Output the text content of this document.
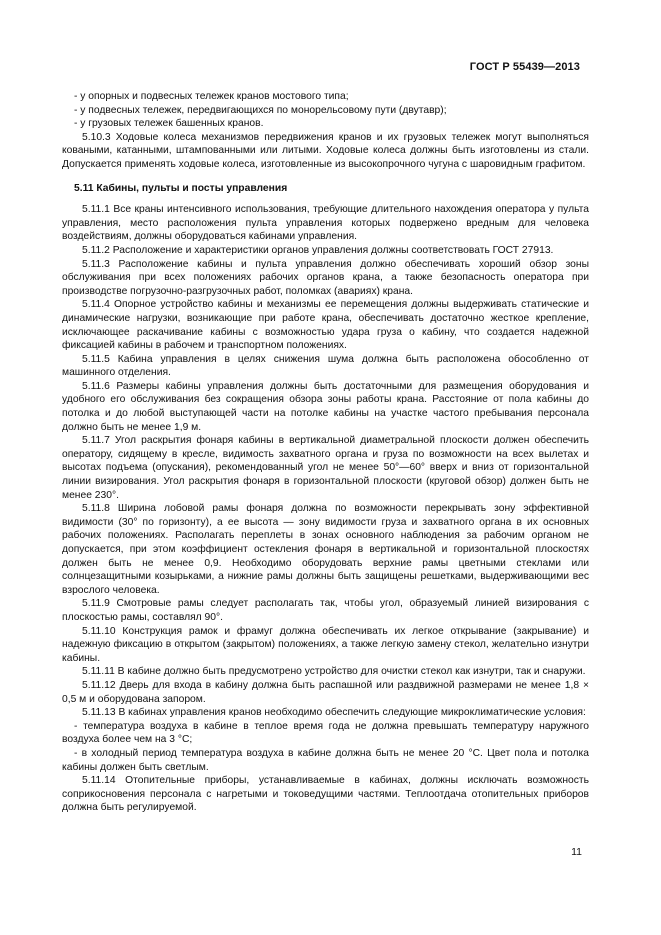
ГОСТ Р 55439—2013

- у опорных и подвесных тележек кранов мостового типа;

- у подвесных тележек, передвигающихся по монорельсовому пути (двутавр);

- у грузовых тележек башенных кранов.

5.10.3 Ходовые колеса механизмов передвижения кранов и их грузовых тележек могут выполняться коваными, катанными, штампованными или литыми. Ходовые колеса должны быть изготовлены из стали. Допускается применять ходовые колеса, изготовленные из высокопрочного чугуна с шаровидным графитом.

5.11 Кабины, пульты и посты управления

5.11.1 Все краны интенсивного использования, требующие длительного нахождения оператора у пульта управления, место расположения пульта управления которых подвержено вредным для человека воздействиям, должны оборудоваться кабинами управления.

5.11.2 Расположение и характеристики органов управления должны соответствовать ГОСТ 27913.

5.11.3 Расположение кабины и пульта управления должно обеспечивать хороший обзор зоны обслуживания при всех положениях рабочих органов крана, а также безопасность оператора при производстве погрузочно-разгрузочных работ, поломках (авариях) крана.

5.11.4 Опорное устройство кабины и механизмы ее перемещения должны выдерживать статические и динамические нагрузки, возникающие при работе крана, обеспечивать достаточно жесткое крепление, исключающее раскачивание кабины с возможностью удара груза о кабину, что создается надежной фиксацией кабины в рабочем и транспортном положениях.

5.11.5 Кабина управления в целях снижения шума должна быть расположена обособленно от машинного отделения.

5.11.6 Размеры кабины управления должны быть достаточными для размещения оборудования и удобного его обслуживания без сокращения обзора зоны работы крана. Расстояние от пола кабины до потолка и до любой выступающей части на потолке кабины на участке частого пребывания персонала должно быть не менее 1,9 м.

5.11.7 Угол раскрытия фонаря кабины в вертикальной диаметральной плоскости должен обеспечить оператору, сидящему в кресле, видимость захватного органа и груза по возможности на всех вылетах и высотах подъема (опускания), рекомендованный угол не менее 50°—60° вверх и вниз от горизонтальной линии визирования. Угол раскрытия фонаря в горизонтальной плоскости (круговой обзор) должен быть не менее 230°.

5.11.8 Ширина лобовой рамы фонаря должна по возможности перекрывать зону эффективной видимости (30° по горизонту), а ее высота — зону видимости груза и захватного органа в их основных рабочих положениях. Располагать переплеты в зонах основного наблюдения за рабочим органом не допускается, при этом коэффициент остекления фонаря в вертикальной и горизонтальной плоскостях должен быть не менее 0,9. Необходимо оборудовать верхние рамы цветными стеклами или солнцезащитными козырьками, а нижние рамы должны быть защищены решетками, выдерживающими вес взрослого человека.

5.11.9 Смотровые рамы следует располагать так, чтобы угол, образуемый линией визирования с плоскостью рамы, составлял 90°.

5.11.10 Конструкция рамок и фрамуг должна обеспечивать их легкое открывание (закрывание) и надежную фиксацию в открытом (закрытом) положениях, а также легкую замену стекол, желательно изнутри кабины.

5.11.11 В кабине должно быть предусмотрено устройство для очистки стекол как изнутри, так и снаружи.

5.11.12 Дверь для входа в кабину должна быть распашной или раздвижной размерами не менее 1,8 × 0,5 м и оборудована запором.

5.11.13 В кабинах управления кранов необходимо обеспечить следующие микроклиматические условия:

- температура воздуха в кабине в теплое время года не должна превышать температуру наружного воздуха более чем на 3 °С;

- в холодный период температура воздуха в кабине должна быть не менее 20 °С. Цвет пола и потолка кабины должен быть светлым.

5.11.14 Отопительные приборы, устанавливаемые в кабинах, должны исключать возможность соприкосновения персонала с нагретыми и токоведущими частями. Теплоотдача отопительных приборов должна быть регулируемой.

11
